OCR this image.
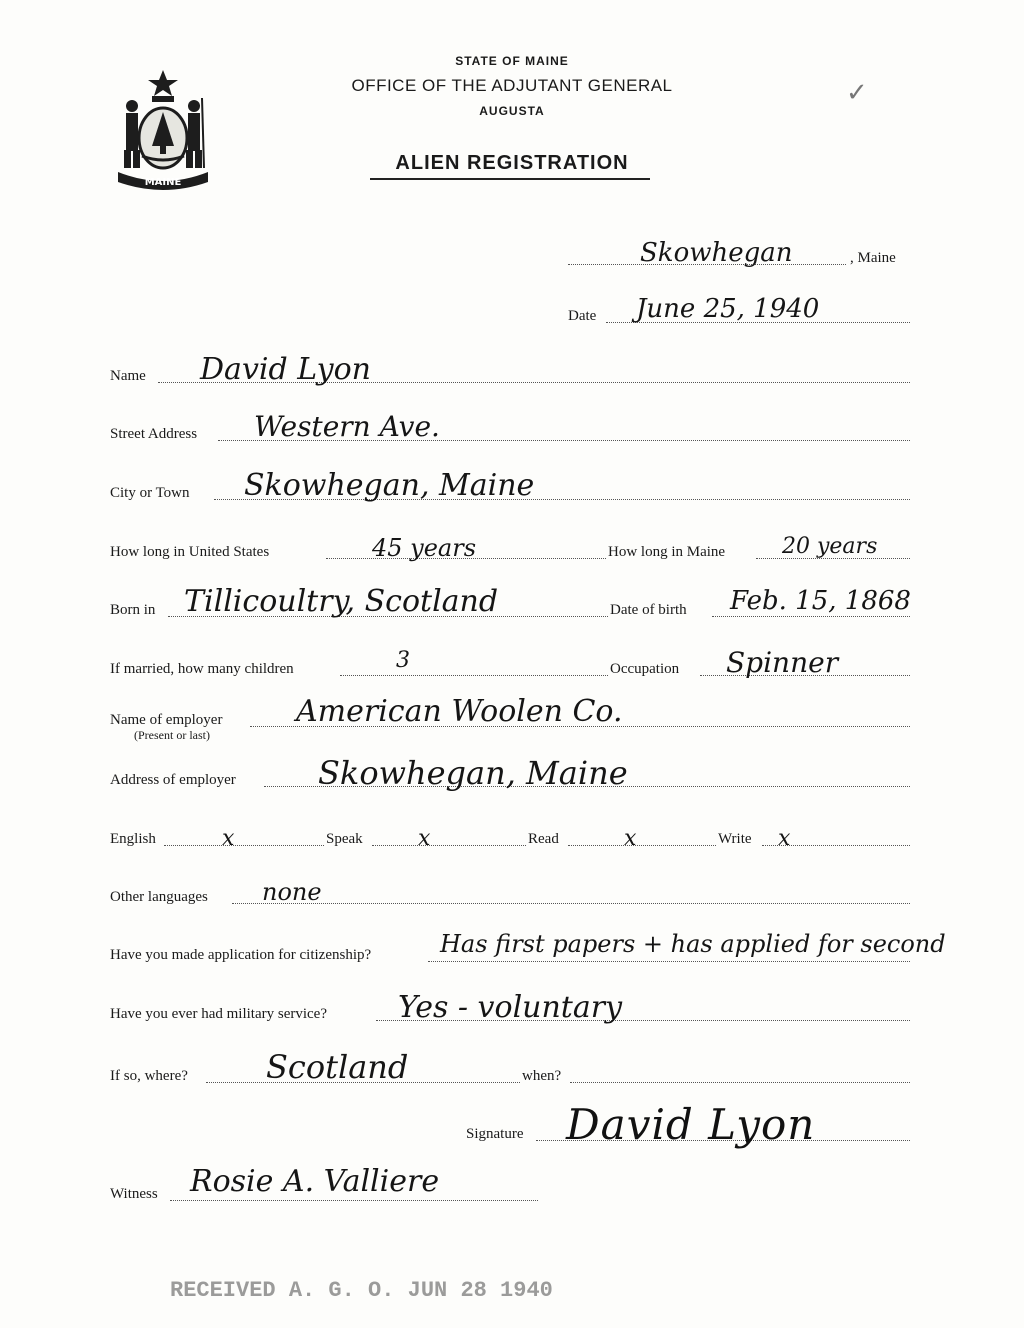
MAINE
STATE OF MAINE
OFFICE OF THE ADJUTANT GENERAL
AUGUSTA
ALIEN REGISTRATION
✓
Skowhegan	, Maine
Date June 25, 1940
Name David Lyon
Street Address Western Ave.
City or Town Skowhegan, Maine
How long in United States	45 years	How long in Maine	20 years
Born in Tillicoultry, Scotland	Date of birth Feb. 15, 1868
If married, how many children	3	Occupation Spinner
Name of employer
(Present or last)
American Woolen Co.
Address of employer	Skowhegan, Maine
English	x	Speak	x	Read	x	Write x
Other languages none
Have you made application for citizenship?	Has first papers + has applied for second
Have you ever had military service? Yes - voluntary
If so, where? Scotland	when?
Signature David Lyon
Witness Rosie A. Valliere
RECEIVED A. G. O. JUN 28 1940
